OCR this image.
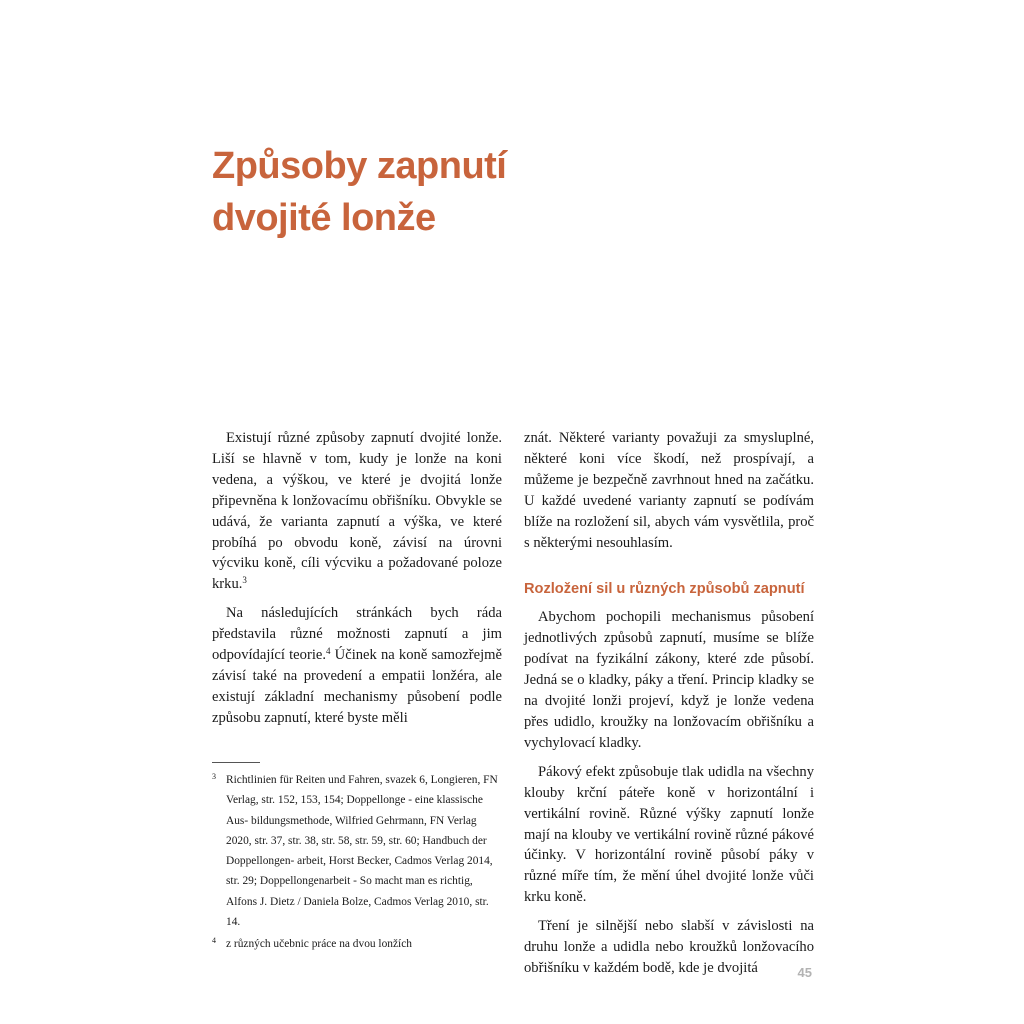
Způsoby zapnutí
dvojité lonže

Existují různé způsoby zapnutí dvojité lonže. Liší se hlavně v tom, kudy je lonže na koni vedena, a výškou, ve které je dvojitá lonže připevněna k lonžovacímu obřišníku. Obvykle se udává, že varianta zapnutí a výška, ve které probíhá po obvodu koně, závisí na úrovni výcviku koně, cíli výcviku a požadované poloze krku.$^3$

Na následujících stránkách bych ráda představila různé možnosti zapnutí a jim odpovídající teorie.$^4$ Účinek na koně samozřejmě závisí také na provedení a empatii lonžéra, ale existují základní mechanismy působení podle způsobu zapnutí, které byste měli

znát. Některé varianty považuji za smysluplné, některé koni více škodí, než prospívají, a můžeme je bezpečně zavrhnout hned na začátku. U každé uvedené varianty zapnutí se podívám blíže na rozložení sil, abych vám vysvětlila, proč s některými nesouhlasím.

Rozložení sil u různých způsobů zapnutí

Abychom pochopili mechanismus působení jednotlivých způsobů zapnutí, musíme se blíže podívat na fyzikální zákony, které zde působí. Jedná se o kladky, páky a tření. Princip kladky se na dvojité lonži projeví, když je lonže vedena přes udidlo, kroužky na lonžovacím obřišníku a vychylovací kladky.

Pákový efekt způsobuje tlak udidla na všechny klouby krční páteře koně v horizontální i vertikální rovině. Různé výšky zapnutí lonže mají na klouby ve vertikální rovině různé pákové účinky. V horizontální rovině působí páky v různé míře tím, že mění úhel dvojité lonže vůči krku koně.

Tření je silnější nebo slabší v závislosti na druhu lonže a udidla nebo kroužků lonžovacího obřišníku v každém bodě, kde je dvojitá

3 Richtlinien für Reiten und Fahren, svazek 6, Longieren, FN Verlag, str. 152, 153, 154; Doppellonge - eine klassische Aus- bildungsmethode, Wilfried Gehrmann, FN Verlag 2020, str. 37, str. 38, str. 58, str. 59, str. 60; Handbuch der Doppellongen- arbeit, Horst Becker, Cadmos Verlag 2014, str. 29; Doppellongenarbeit - So macht man es richtig, Alfons J. Dietz / Daniela Bolze, Cadmos Verlag 2010, str. 14.

4 z různých učebnic práce na dvou lonžích

45
